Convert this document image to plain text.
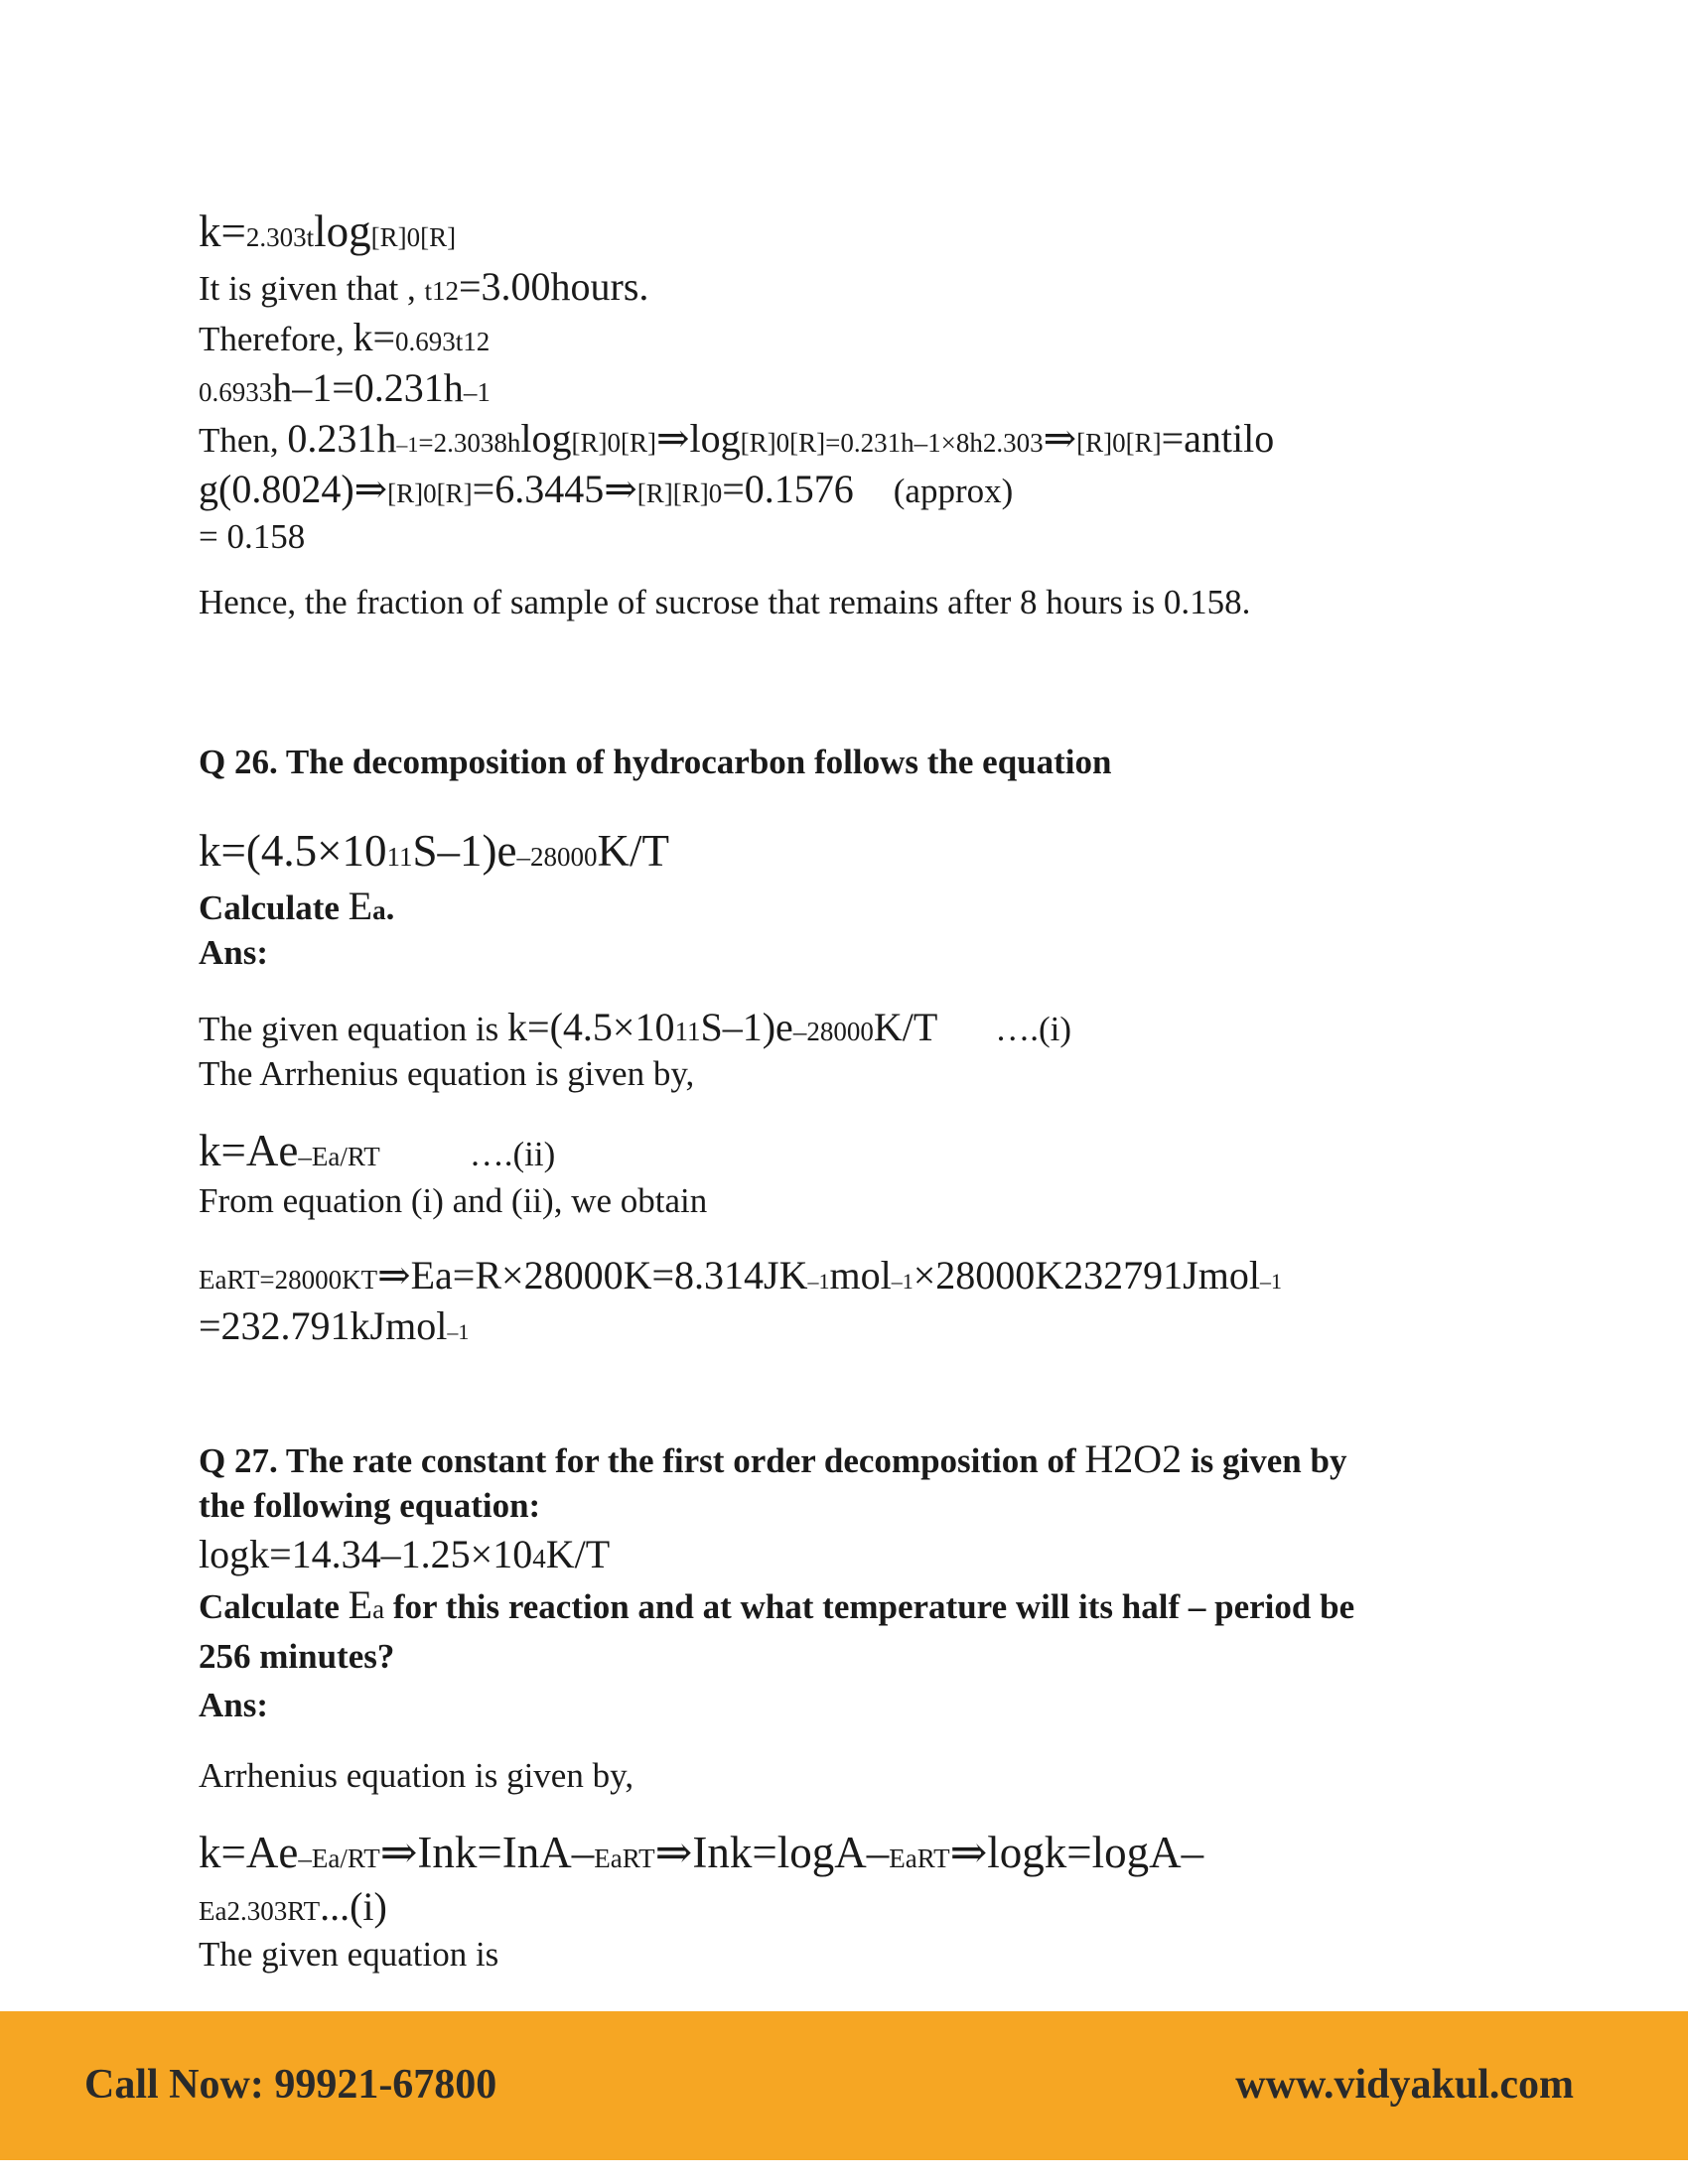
k=2.303tlog[R]0[R]

It is given that , t12=3.00hours.

Therefore, k=0.693t12

0.6933h–1=0.231h–1

Then, 0.231h–1=2.3038hlog[R]0[R]⇒log[R]0[R]=0.231h–1×8h2.303⇒[R]0[R]=antilo

g(0.8024)⇒[R]0[R]=6.3445⇒[R][R]0=0.1576 (approx)

= 0.158

Hence, the fraction of sample of sucrose that remains after 8 hours is 0.158.

Q 26. The decomposition of hydrocarbon follows the equation

k=(4.5×1011S–1)e–28000K/T

Calculate Ea.

Ans:

The given equation is k=(4.5×1011S–1)e–28000K/T ….(i)

The Arrhenius equation is given by,

k=Ae–Ea/RT	….(ii)

From equation (i) and (ii), we obtain

EaRT=28000KT⇒Ea=R×28000K=8.314JK–1mol–1×28000K232791Jmol–1

=232.791kJmol–1

Q 27. The rate constant for the first order decomposition of H2O2 is given by

the following equation:

logk=14.34–1.25×104K/T

Calculate Ea for this reaction and at what temperature will its half – period be

256 minutes?

Ans:

Arrhenius equation is given by,

k=Ae–Ea/RT⇒Ink=InA–EaRT⇒Ink=logA–EaRT⇒logk=logA–

Ea2.303RT...(i)

The given equation is

Call Now: 99921-67800	www.vidyakul.com
